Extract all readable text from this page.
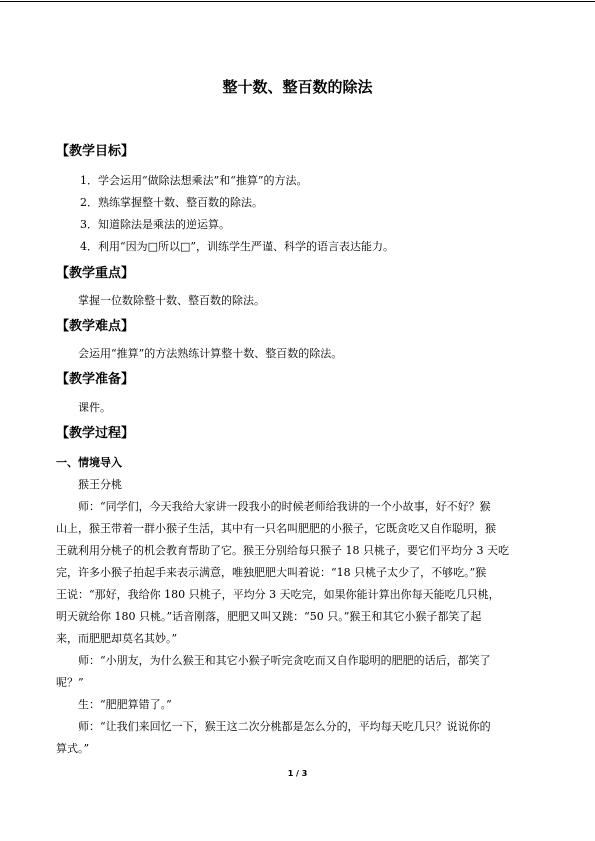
整十数、整百数的除法
【教学目标】
1．学会运用“做除法想乘法”和“推算”的方法。
2．熟练掌握整十数、整百数的除法。
3．知道除法是乘法的逆运算。
4．利用“因为□所以□”，训练学生严谨、科学的语言表达能力。
【教学重点】
掌握一位数除整十数、整百数的除法。
【教学难点】
会运用“推算”的方法熟练计算整十数、整百数的除法。
【教学准备】
课件。
【教学过程】
一、情境导入
猴王分桃
师：“同学们，今天我给大家讲一段我小的时候老师给我讲的一个小故事，好不好？猴
山上，猴王带着一群小猴子生活，其中有一只名叫肥肥的小猴子，它既贪吃又自作聪明，猴
王就利用分桃子的机会教育帮助了它。猴王分别给每只猴子 18 只桃子，要它们平均分 3 天吃
完，许多小猴子拍起手来表示满意，唯独肥肥大叫着说：“18 只桃子太少了，不够吃。”猴
王说：“那好，我给你 180 只桃子，平均分 3 天吃完，如果你能计算出你每天能吃几只桃，
明天就给你 180 只桃。”话音刚落，肥肥又叫又跳：“50 只。”猴王和其它小猴子都笑了起
来，而肥肥却莫名其妙。”
师：“小朋友，为什么猴王和其它小猴子听完贪吃而又自作聪明的肥肥的话后，都笑了
呢？”
生：“肥肥算错了。”
师：“让我们来回忆一下，猴王这二次分桃都是怎么分的，平均每天吃几只？说说你的
算式。”
1 / 3
